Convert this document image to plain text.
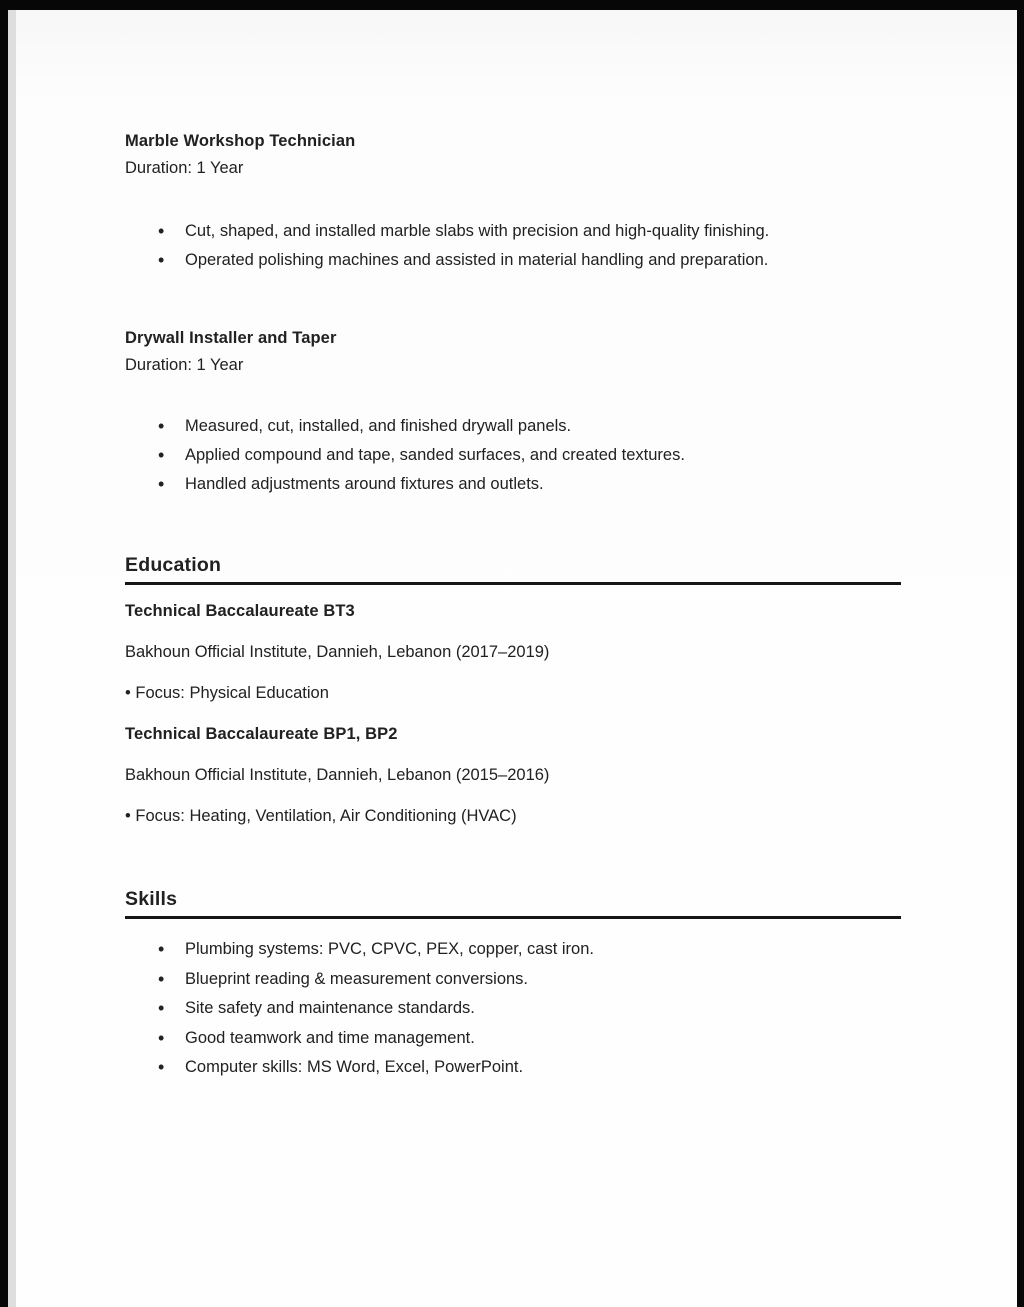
Marble Workshop Technician

Duration: 1 Year

• Cut, shaped, and installed marble slabs with precision and high-quality finishing.
• Operated polishing machines and assisted in material handling and preparation.

Drywall Installer and Taper

Duration: 1 Year

• Measured, cut, installed, and finished drywall panels.
• Applied compound and tape, sanded surfaces, and created textures.
• Handled adjustments around fixtures and outlets.
Education

Technical Baccalaureate BT3

Bakhoun Official Institute, Dannieh, Lebanon (2017–2019)

• Focus: Physical Education

Technical Baccalaureate BP1, BP2

Bakhoun Official Institute, Dannieh, Lebanon (2015–2016)

• Focus: Heating, Ventilation, Air Conditioning (HVAC)

Skills
• Plumbing systems: PVC, CPVC, PEX, copper, cast iron.
• Blueprint reading & measurement conversions.
• Site safety and maintenance standards.
• Good teamwork and time management.
• Computer skills: MS Word, Excel, PowerPoint.
